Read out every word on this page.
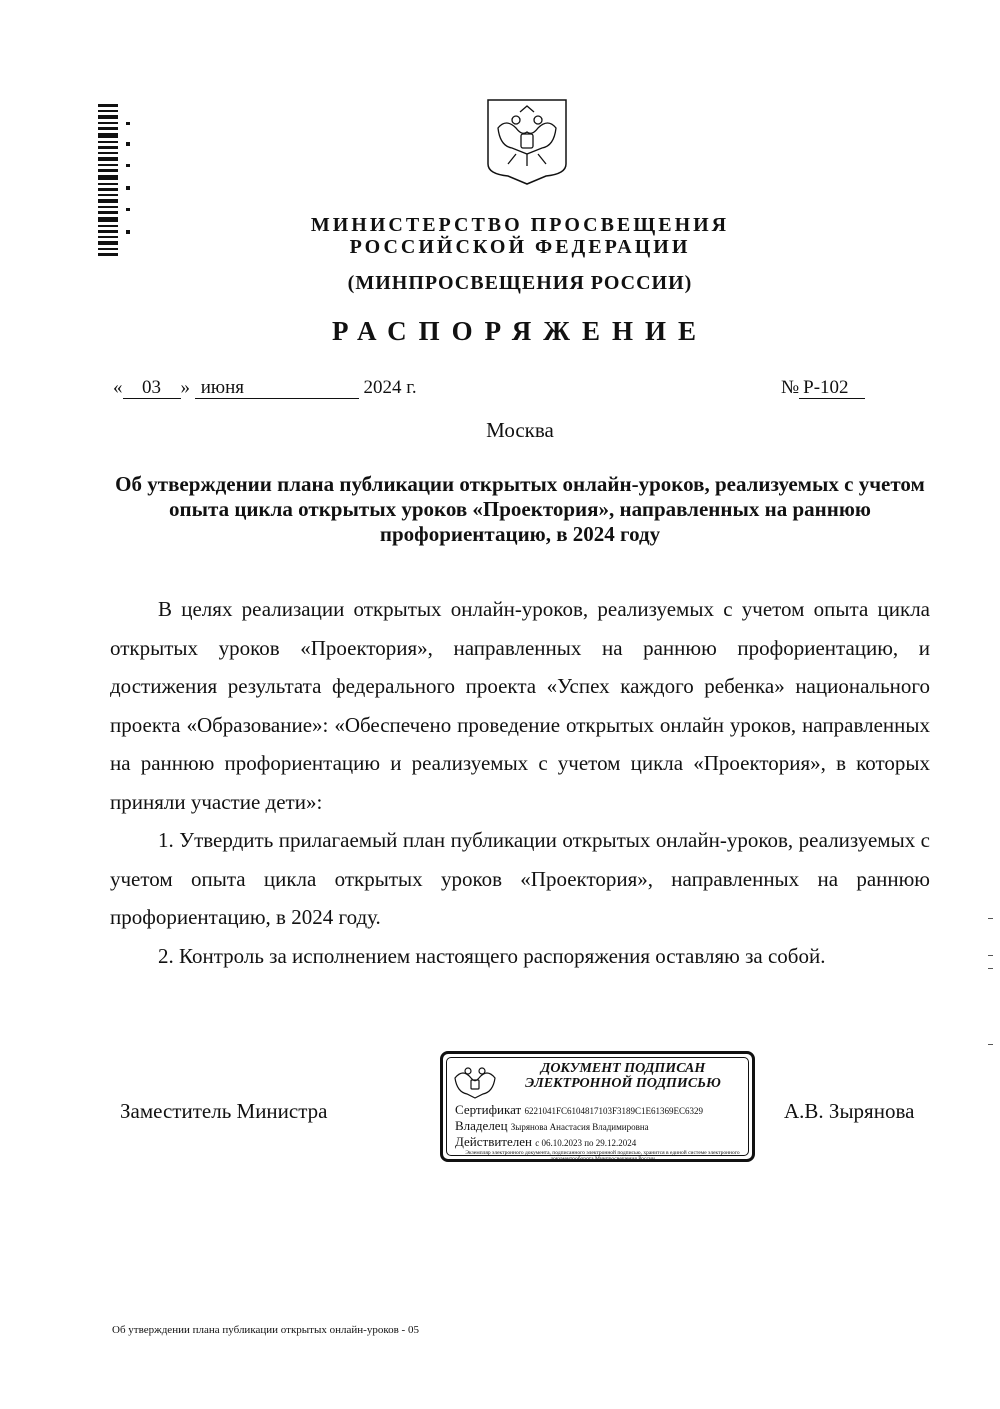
МИНИСТЕРСТВО ПРОСВЕЩЕНИЯ
РОССИЙСКОЙ ФЕДЕРАЦИИ
(МИНПРОСВЕЩЕНИЯ РОССИИ)
РАСПОРЯЖЕНИЕ
« 03 » июня	2024 г.	№ Р-102
Москва
Об утверждении плана публикации открытых онлайн-уроков, реализуемых с учетом опыта цикла открытых уроков «Проектория», направленных на раннюю профориентацию, в 2024 году

В целях реализации открытых онлайн-уроков, реализуемых с учетом опыта цикла открытых уроков «Проектория», направленных на раннюю профориентацию, и достижения результата федерального проекта «Успех каждого ребенка» национального проекта «Образование»: «Обеспечено проведение открытых онлайн уроков, направленных на раннюю профориентацию и реализуемых с учетом цикла «Проектория», в которых приняли участие дети»:

1. Утвердить прилагаемый план публикации открытых онлайн-уроков, реализуемых с учетом опыта цикла открытых уроков «Проектория», направленных на раннюю профориентацию, в 2024 году.

2. Контроль за исполнением настоящего распоряжения оставляю за собой.

Заместитель Министра
ДОКУМЕНТ ПОДПИСАН
ЭЛЕКТРОННОЙ ПОДПИСЬЮ
Сертификат 6221041FC6104817103F3189C1E61369EC6329
Владелец Зырянова Анастасия Владимировна
Действителен с 06.10.2023 по 29.12.2024
Экземпляр электронного документа, подписанного электронной подписью, хранится в единой системе электронного документооборота Минпросвещения России
А.В. Зырянова
Об утверждении плана публикации открытых онлайн-уроков - 05
